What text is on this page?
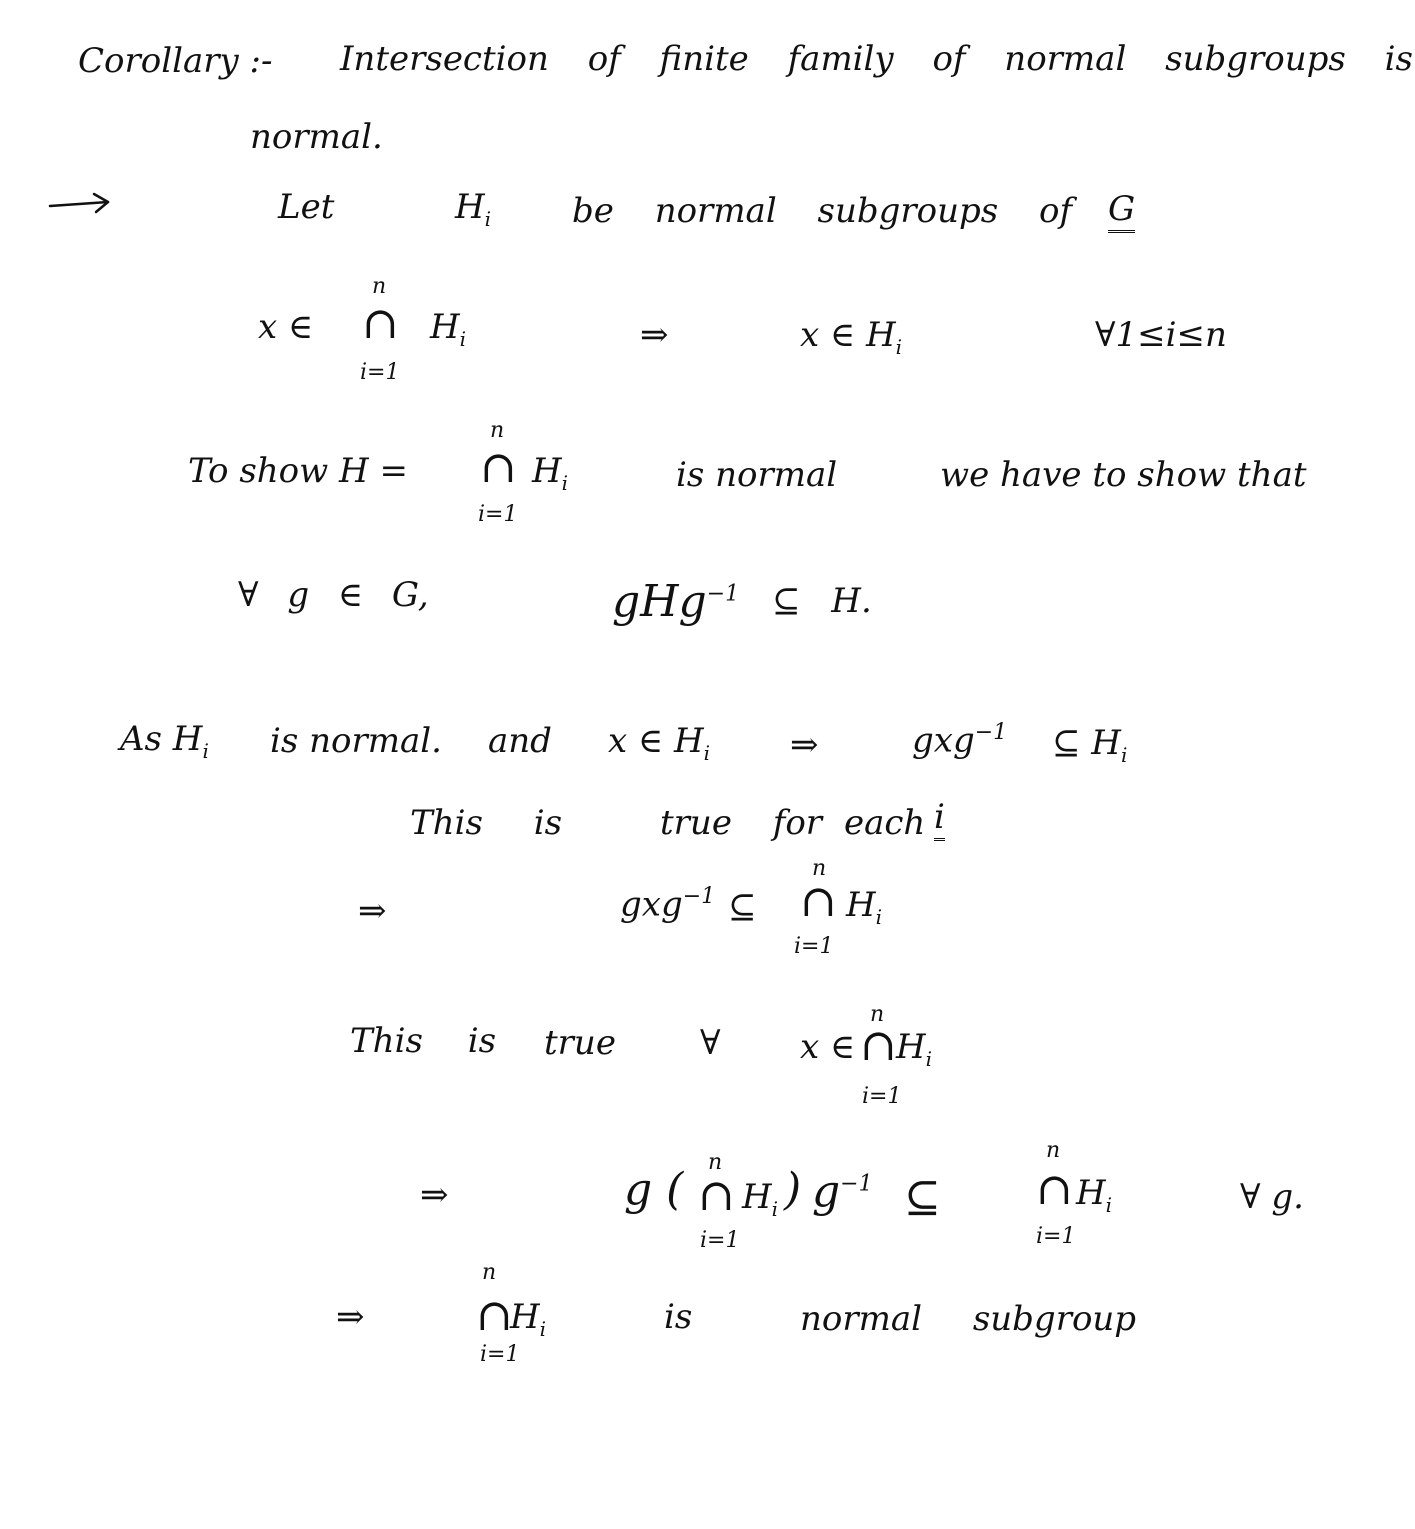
Corollary :- Intersection of finite family of normal subgroups is
normal.
Let	$H_i$ be normal subgroups of G
x ∈
n
∩
i=1
$H_i$	⇒	x ∈ $H_i$	∀1≤i≤n
To show H =
n
∩
i=1
$H_i$	is normal	we have to show that
∀ g ∈ G,	gHg$^{-1}$ ⊆ H.
As $H_i$ is normal. and x ∈ $H_i$ ⇒	gxg$^{-1}$ ⊆ $H_i$
This is	true for each i
⇒	gxg$^{-1}$ ⊆
n
∩
i=1
$H_i$
This is true ∀ x ∈
n
∩
i=1
$H_i$
⇒	g (
n
∩
i=1
$H_i$ ) $g^{-1}$ ⊆
n
∩
i=1
$H_i$	∀ g.
⇒
n
∩
i=1
$H_i$	is	normal subgroup
